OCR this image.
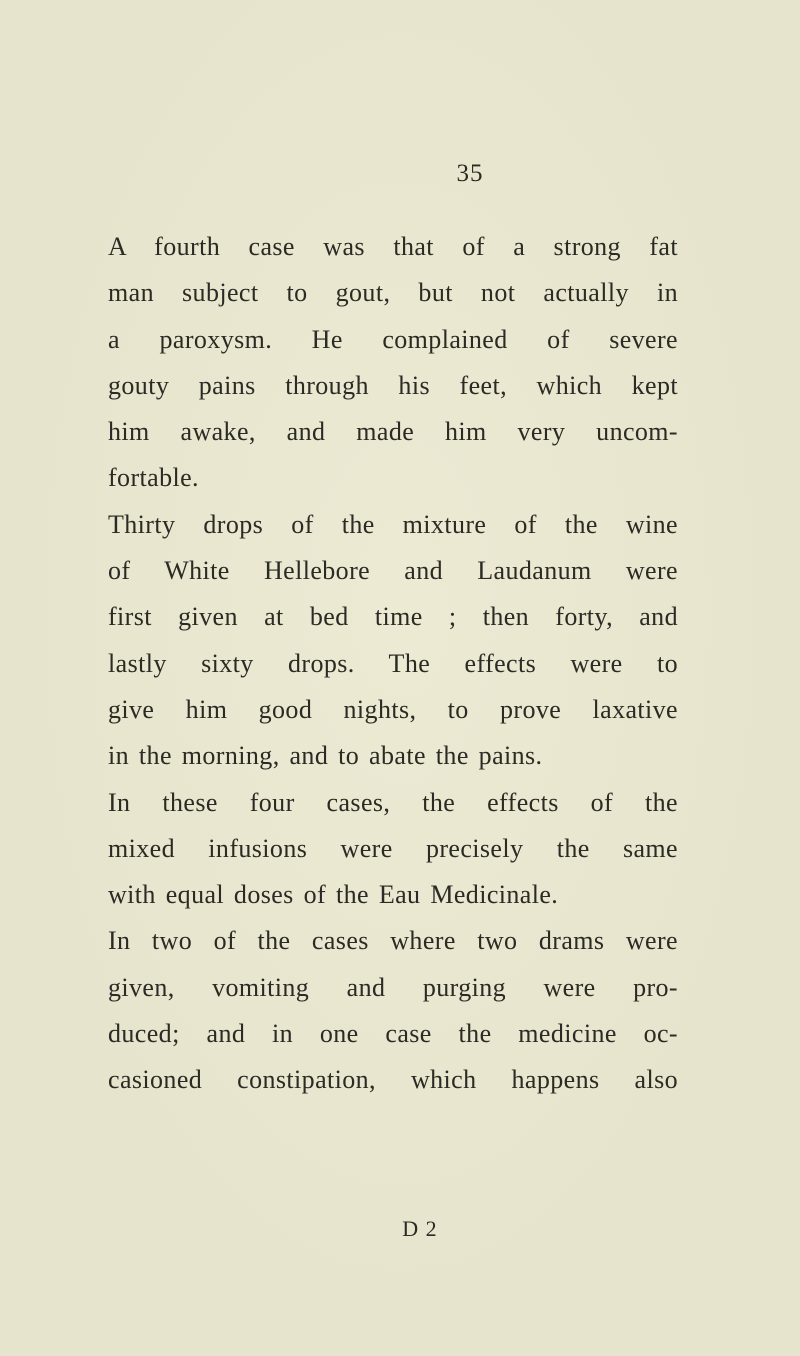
35
A fourth case was that of a strong fat
man subject to gout, but not actually in
a paroxysm. He complained of severe
gouty pains through his feet, which kept
him awake, and made him very uncom-
fortable.
Thirty drops of the mixture of the wine
of White Hellebore and Laudanum were
first given at bed time ; then forty, and
lastly sixty drops. The effects were to
give him good nights, to prove laxative
in the morning, and to abate the pains.
In these four cases, the effects of the
mixed infusions were precisely the same
with equal doses of the Eau Medicinale.
In two of the cases where two drams were
given, vomiting and purging were pro-
duced; and in one case the medicine oc-
casioned constipation, which happens also
D 2
